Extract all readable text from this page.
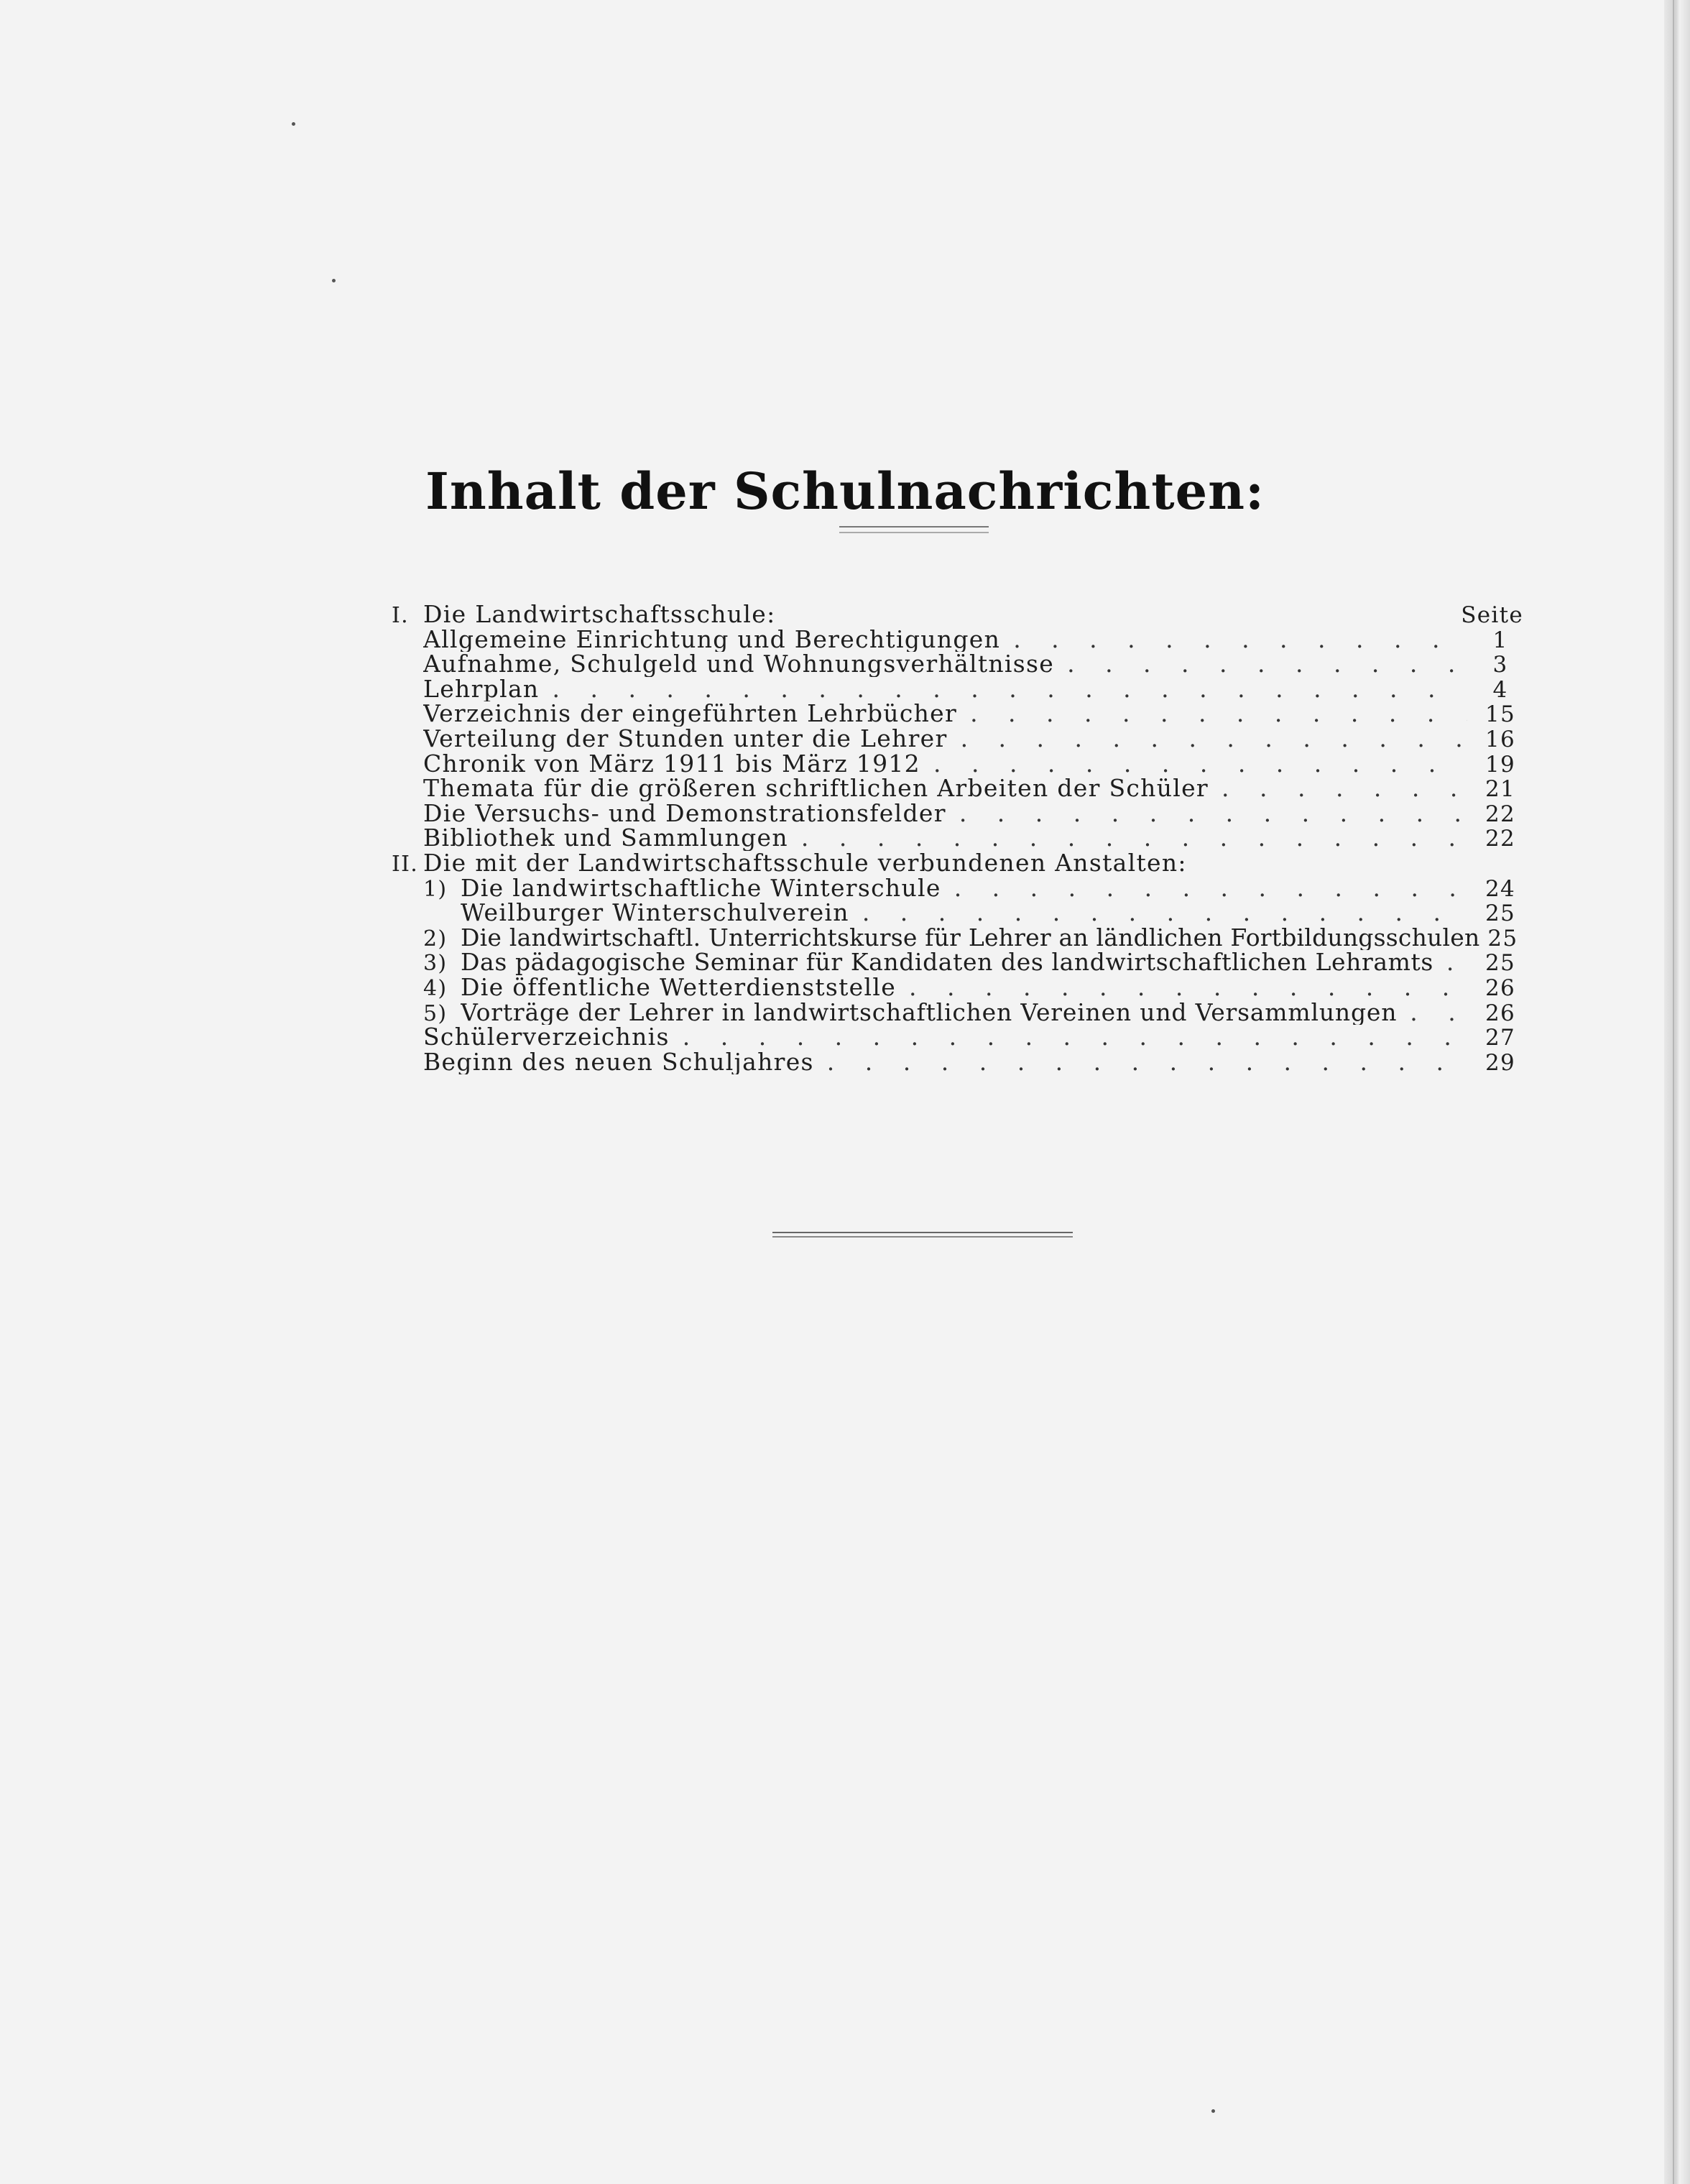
Inhalt der Schulnachrichten:
I. Die Landwirtschaftsschule:	Seite
Allgemeine Einrichtung und Berechtigungen . . .	1
Aufnahme, Schulgeld und Wohnungsverhältnisse . . .	3
Lehrplan . . .	4
Verzeichnis der eingeführten Lehrbücher . . .	15
Verteilung der Stunden unter die Lehrer . . .	16
Chronik von März 1911 bis März 1912 . . .	19
Themata für die größeren schriftlichen Arbeiten der Schüler . . .	21
Die Versuchs- und Demonstrationsfelder . . .	22
Bibliothek und Sammlungen . . .	22
II. Die mit der Landwirtschaftsschule verbundenen Anstalten:
1) Die landwirtschaftliche Winterschule . . .	24
Weilburger Winterschulverein . . .	25
2) Die landwirtschaftl. Unterrichtskurse für Lehrer an ländlichen Fortbildungsschulen 25
3) Das pädagogische Seminar für Kandidaten des landwirtschaftlichen Lehramts . . .	25
4) Die öffentliche Wetterdienststelle . . .	26
5) Vorträge der Lehrer in landwirtschaftlichen Vereinen und Versammlungen . . .	26
Schülerverzeichnis . . .	27
Beginn des neuen Schuljahres . . .	29
